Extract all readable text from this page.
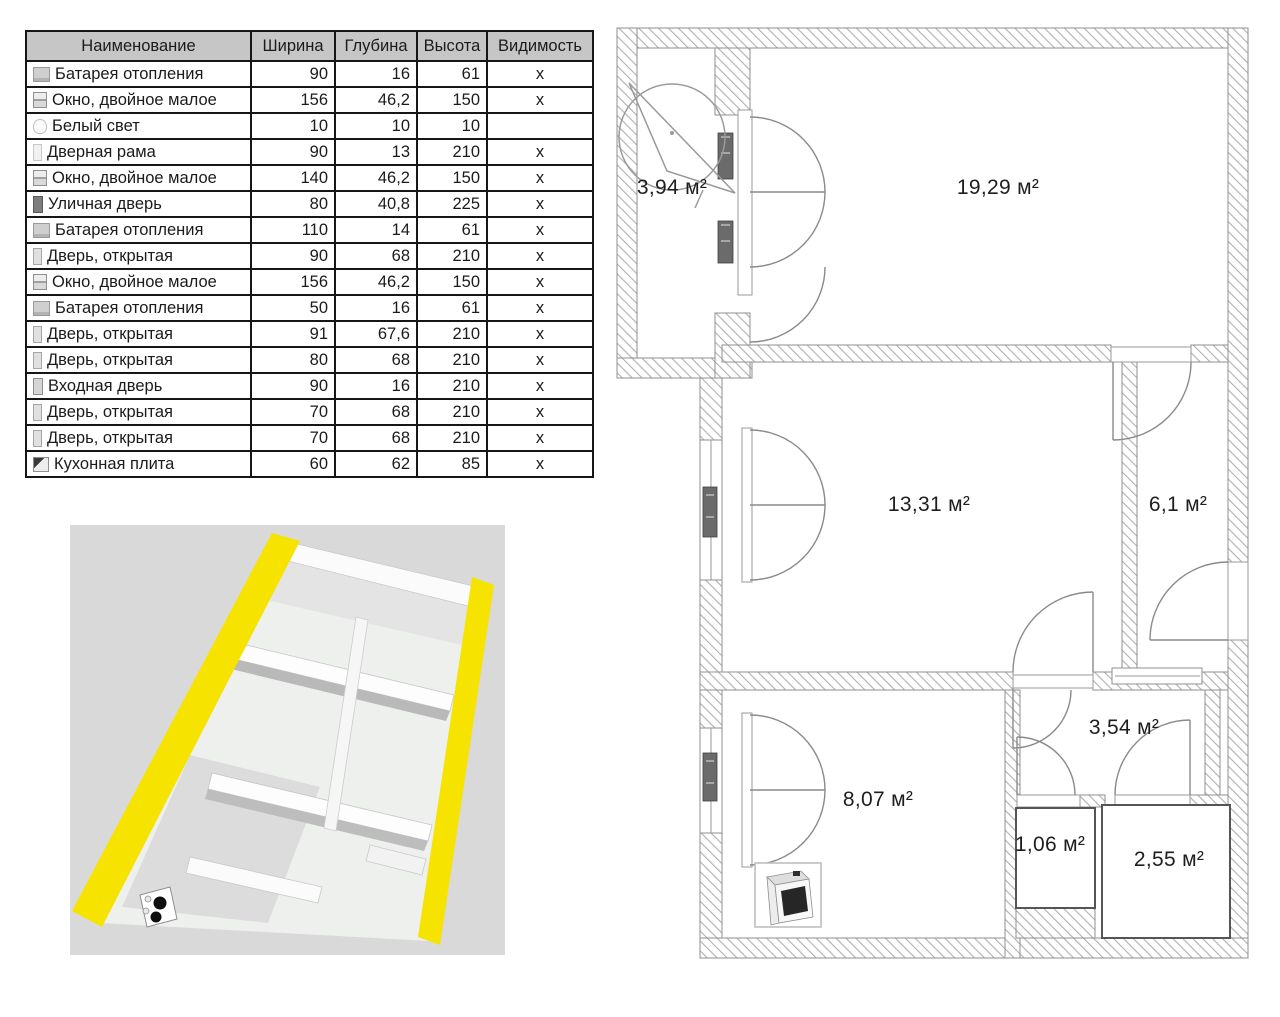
Наименование	Ширина	Глубина	Высота	Видимость

Батарея отопления	90	16	61	x

Окно, двойное малое	156	46,2	150	x

Белый свет	10	10	10	

Дверная рама	90	13	210	x

Окно, двойное малое	140	46,2	150	x

Уличная дверь	80	40,8	225	x

Батарея отопления	110	14	61	x

Дверь, открытая	90	68	210	x

Окно, двойное малое	156	46,2	150	x

Батарея отопления	50	16	61	x

Дверь, открытая	91	67,6	210	x

Дверь, открытая	80	68	210	x

Входная дверь	90	16	210	x

Дверь, открытая	70	68	210	x

Дверь, открытая	70	68	210	x

Кухонная плита	60	62	85	x
3,94 м²	19,29 м²
13,31 м²	6,1 м²
8,07 м²
3,54 м²
1,06 м²
2,55 м²
